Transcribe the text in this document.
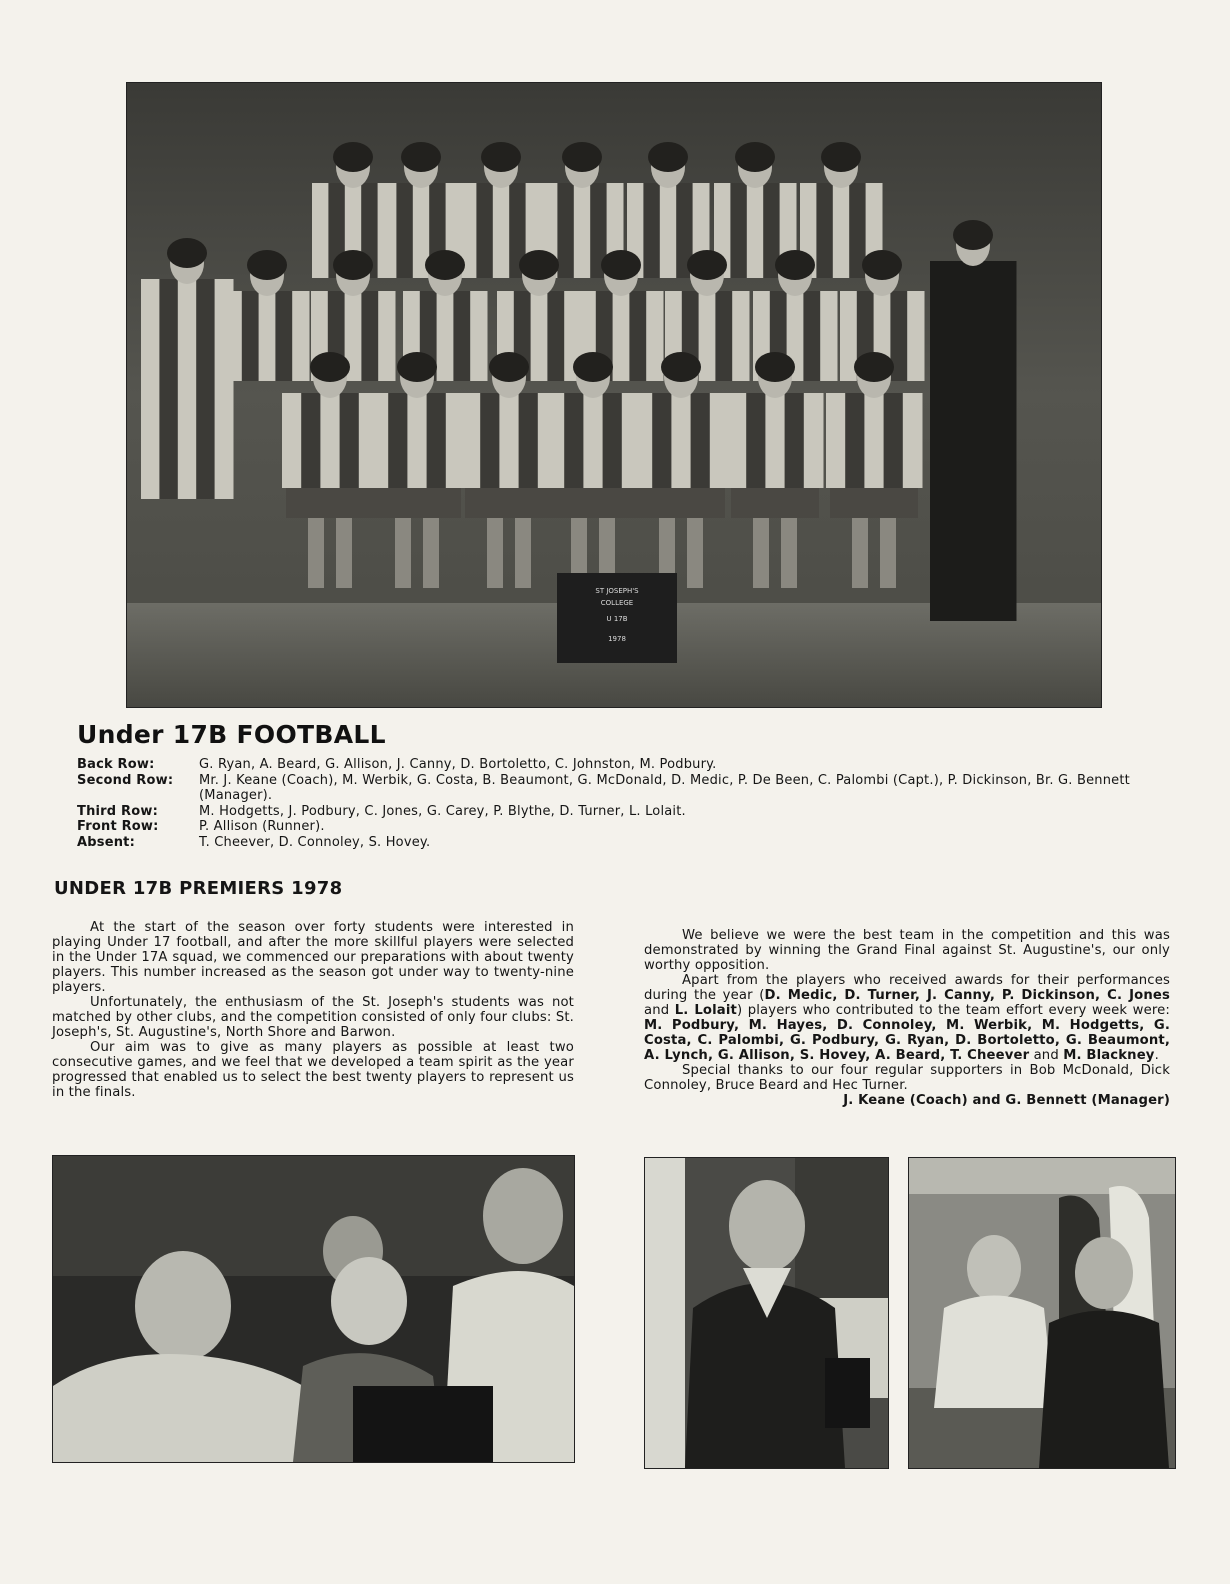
ST JOSEPH'S
COLLEGE
U 17B
1978
Under 17B FOOTBALL
Back Row:	G. Ryan, A. Beard, G. Allison, J. Canny, D. Bortoletto, C. Johnston, M. Podbury.
Second Row:	Mr. J. Keane (Coach), M. Werbik, G. Costa, B. Beaumont, G. McDonald, D. Medic, P. De Been, C. Palombi (Capt.), P. Dickinson, Br. G. Bennett (Manager).
Third Row:	M. Hodgetts, J. Podbury, C. Jones, G. Carey, P. Blythe, D. Turner, L. Lolait.
Front Row:	P. Allison (Runner).
Absent:	T. Cheever, D. Connoley, S. Hovey.
UNDER 17B PREMIERS 1978

At the start of the season over forty students were interested in playing Under 17 football, and after the more skillful players were selected in the Under 17A squad, we commenced our preparations with about twenty players. This number increased as the season got under way to twenty-nine players.

Unfortunately, the enthusiasm of the St. Joseph's students was not matched by other clubs, and the competition consisted of only four clubs: St. Joseph's, St. Augustine's, North Shore and Barwon.

Our aim was to give as many players as possible at least two consecutive games, and we feel that we developed a team spirit as the year progressed that enabled us to select the best twenty players to represent us in the finals.

We believe we were the best team in the competition and this was demonstrated by winning the Grand Final against St. Augustine's, our only worthy opposition.

Apart from the players who received awards for their performances during the year (D. Medic, D. Turner, J. Canny, P. Dickinson, C. Jones and L. Lolait) players who contributed to the team effort every week were: M. Podbury, M. Hayes, D. Connoley, M. Werbik, M. Hodgetts, G. Costa, C. Palombi, G. Podbury, G. Ryan, D. Bortoletto, G. Beaumont, A. Lynch, G. Allison, S. Hovey, A. Beard, T. Cheever and M. Blackney.

Special thanks to our four regular supporters in Bob McDonald, Dick Connoley, Bruce Beard and Hec Turner.

J. Keane (Coach) and G. Bennett (Manager)
